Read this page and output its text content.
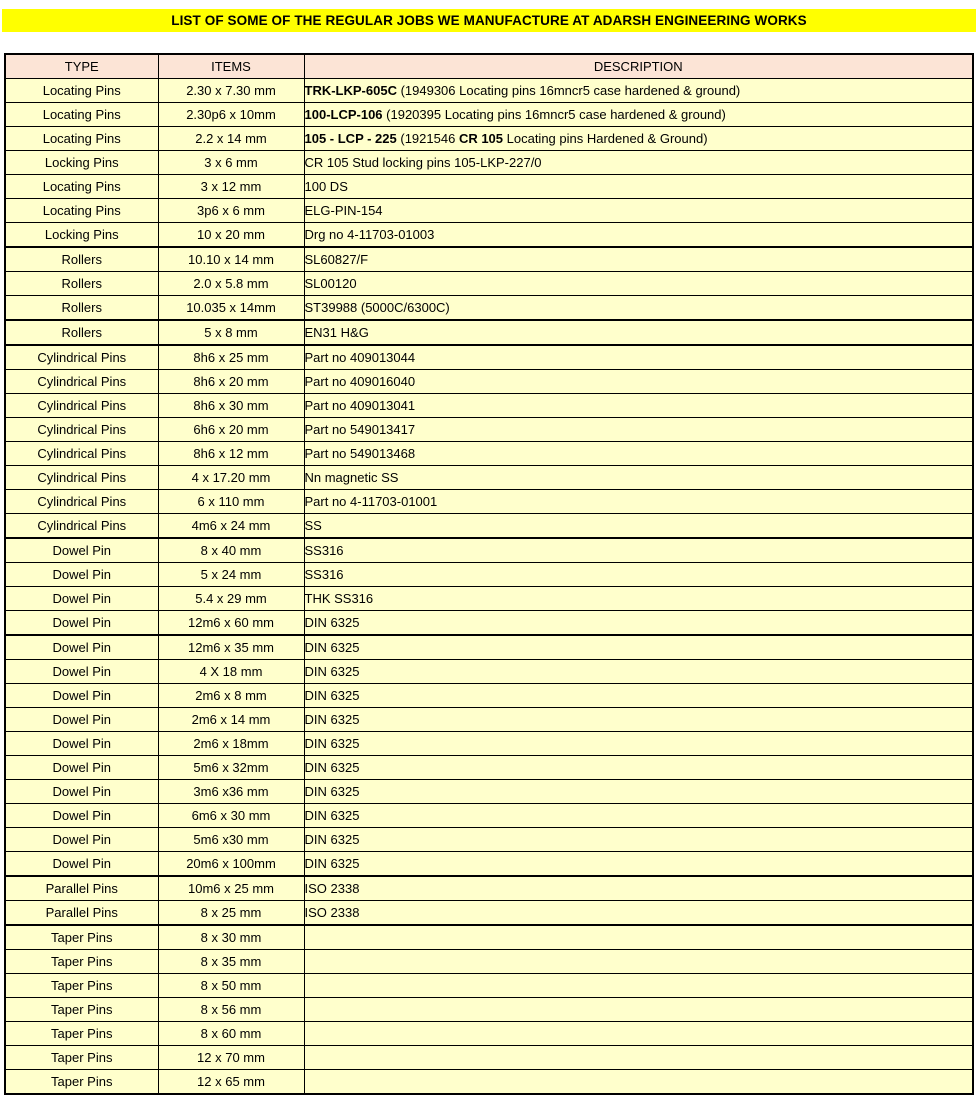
LIST OF SOME OF THE REGULAR JOBS WE MANUFACTURE AT ADARSH ENGINEERING WORKS
TYPE	ITEMS	DESCRIPTION
Locating Pins	2.30 x 7.30 mm	TRK-LKP-605C (1949306 Locating pins 16mncr5 case hardened & ground)
Locating Pins	2.30p6 x 10mm	100-LCP-106 (1920395 Locating pins 16mncr5 case hardened & ground)
Locating Pins	2.2 x 14 mm	105 - LCP - 225 (1921546 CR 105 Locating pins Hardened & Ground)
Locking Pins	3 x 6 mm	CR 105 Stud locking pins 105-LKP-227/0
Locating Pins	3 x 12 mm	100 DS
Locating Pins	3p6 x 6 mm	ELG-PIN-154
Locking Pins	10 x 20 mm	Drg no 4-11703-01003
Rollers	10.10 x 14 mm	SL60827/F
Rollers	2.0 x 5.8 mm	SL00120
Rollers	10.035 x 14mm	ST39988 (5000C/6300C)
Rollers	5 x 8 mm	EN31 H&G
Cylindrical Pins	8h6 x 25 mm	Part no 409013044
Cylindrical Pins	8h6 x 20 mm	Part no 409016040
Cylindrical Pins	8h6 x 30 mm	Part no 409013041
Cylindrical Pins	6h6 x 20 mm	Part no 549013417
Cylindrical Pins	8h6 x 12 mm	Part no 549013468
Cylindrical Pins	4 x 17.20 mm	Nn magnetic SS
Cylindrical Pins	6 x 110 mm	Part no 4-11703-01001
Cylindrical Pins	4m6 x 24 mm	SS
Dowel Pin	8 x 40 mm	SS316
Dowel Pin	5 x 24 mm	SS316
Dowel Pin	5.4 x 29 mm	THK SS316
Dowel Pin	12m6 x 60 mm	DIN 6325
Dowel Pin	12m6 x 35 mm	DIN 6325
Dowel Pin	4 X 18 mm	DIN 6325
Dowel Pin	2m6 x 8 mm	DIN 6325
Dowel Pin	2m6 x 14 mm	DIN 6325
Dowel Pin	2m6 x 18mm	DIN 6325
Dowel Pin	5m6 x 32mm	DIN 6325
Dowel Pin	3m6 x36 mm	DIN 6325
Dowel Pin	6m6 x 30 mm	DIN 6325
Dowel Pin	5m6 x30 mm	DIN 6325
Dowel Pin	20m6 x 100mm	DIN 6325
Parallel Pins	10m6 x 25 mm	ISO 2338
Parallel Pins	8 x 25 mm	ISO 2338
Taper Pins	8 x 30 mm	
Taper Pins	8 x 35 mm	
Taper Pins	8 x 50 mm	
Taper Pins	8 x 56 mm	
Taper Pins	8 x 60 mm	
Taper Pins	12 x 70 mm	
Taper Pins	12 x 65 mm	
